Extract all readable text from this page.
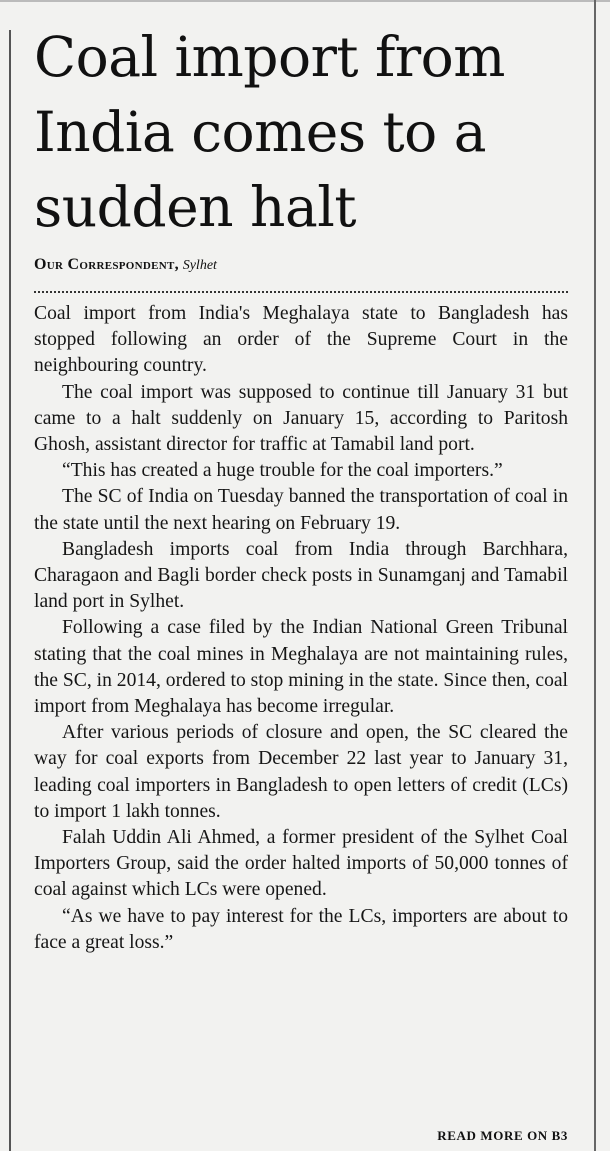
Coal import from India comes to a sudden halt
Our Correspondent, Sylhet

Coal import from India's Meghalaya state to Bangladesh has stopped following an order of the Supreme Court in the neighbouring country.

The coal import was supposed to continue till January 31 but came to a halt suddenly on January 15, according to Paritosh Ghosh, assistant director for traffic at Tamabil land port.

“This has created a huge trouble for the coal importers.”

The SC of India on Tuesday banned the transportation of coal in the state until the next hearing on February 19.

Bangladesh imports coal from India through Barchhara, Charagaon and Bagli border check posts in Sunamganj and Tamabil land port in Sylhet.

Following a case filed by the Indian National Green Tribunal stating that the coal mines in Meghalaya are not maintaining rules, the SC, in 2014, ordered to stop mining in the state. Since then, coal import from Meghalaya has become irregular.

After various periods of closure and open, the SC cleared the way for coal exports from December 22 last year to January 31, leading coal importers in Bangladesh to open letters of credit (LCs) to import 1 lakh tonnes.

Falah Uddin Ali Ahmed, a former president of the Sylhet Coal Importers Group, said the order halted imports of 50,000 tonnes of coal against which LCs were opened.

“As we have to pay interest for the LCs, importers are about to face a great loss.”

READ MORE ON B3
